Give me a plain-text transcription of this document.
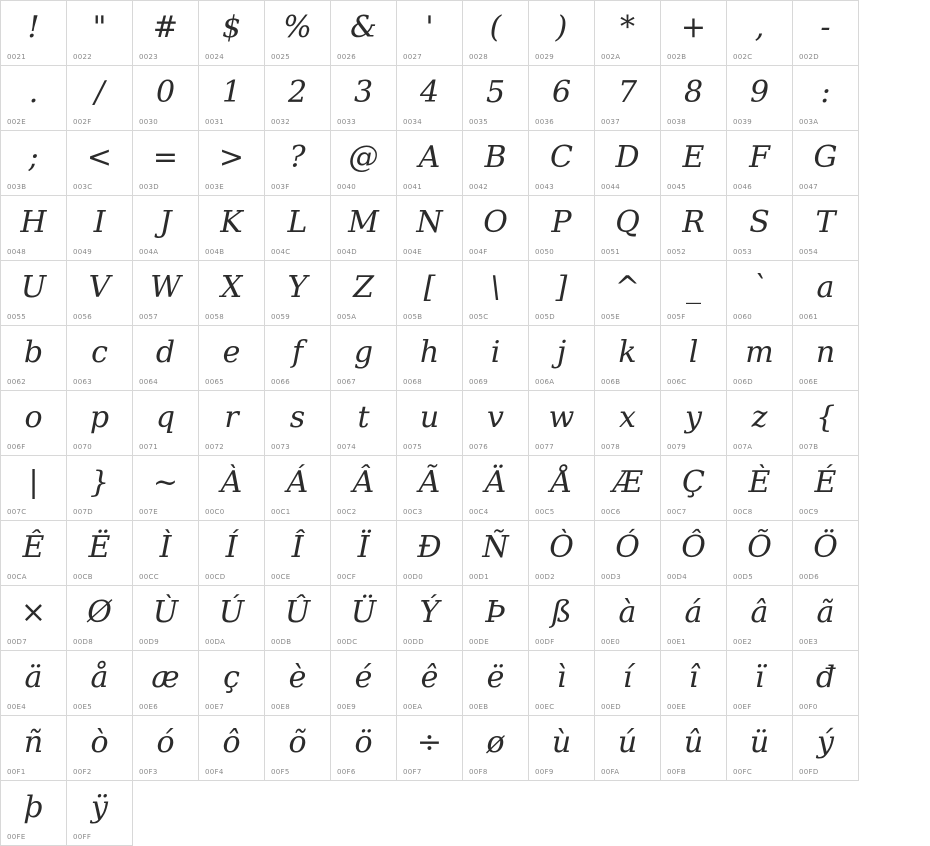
!
0021
"
0022
#
0023
$
0024
%
0025
&
0026
'
0027
(
0028
)
0029
*
002A
+
002B
,
002C
-
002D
.
002E
/
002F
0
0030
1
0031
2
0032
3
0033
4
0034
5
0035
6
0036
7
0037
8
0038
9
0039
:
003A
;
003B
<
003C
=
003D
>
003E
?
003F
@
0040
A
0041
B
0042
C
0043
D
0044
E
0045
F
0046
G
0047
H
0048
I
0049
J
004A
K
004B
L
004C
M
004D
N
004E
O
004F
P
0050
Q
0051
R
0052
S
0053
T
0054
U
0055
V
0056
W
0057
X
0058
Y
0059
Z
005A
[
005B
\
005C
]
005D
^
005E
_
005F
`
0060
a
0061
b
0062
c
0063
d
0064
e
0065
f
0066
g
0067
h
0068
i
0069
j
006A
k
006B
l
006C
m
006D
n
006E
o
006F
p
0070
q
0071
r
0072
s
0073
t
0074
u
0075
v
0076
w
0077
x
0078
y
0079
z
007A
{
007B
|
007C
}
007D
~
007E
À
00C0
Á
00C1
Â
00C2
Ã
00C3
Ä
00C4
Å
00C5
Æ
00C6
Ç
00C7
È
00C8
É
00C9
Ê
00CA
Ë
00CB
Ì
00CC
Í
00CD
Î
00CE
Ï
00CF
Ð
00D0
Ñ
00D1
Ò
00D2
Ó
00D3
Ô
00D4
Õ
00D5
Ö
00D6
×
00D7
Ø
00D8
Ù
00D9
Ú
00DA
Û
00DB
Ü
00DC
Ý
00DD
Þ
00DE
ß
00DF
à
00E0
á
00E1
â
00E2
ã
00E3
ä
00E4
å
00E5
æ
00E6
ç
00E7
è
00E8
é
00E9
ê
00EA
ë
00EB
ì
00EC
í
00ED
î
00EE
ï
00EF
đ
00F0
ñ
00F1
ò
00F2
ó
00F3
ô
00F4
õ
00F5
ö
00F6
÷
00F7
ø
00F8
ù
00F9
ú
00FA
û
00FB
ü
00FC
ý
00FD
þ
00FE
ÿ
00FF
